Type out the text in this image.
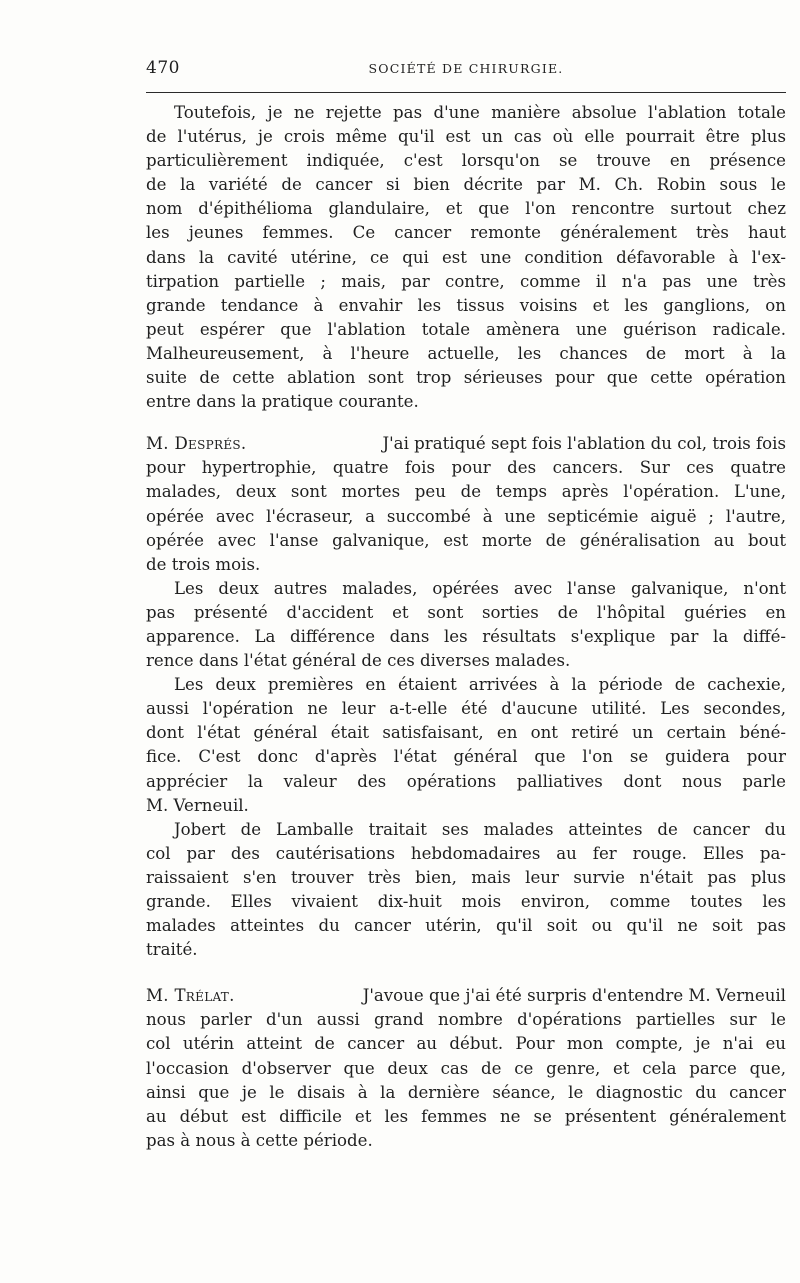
470	SOCIÉTÉ DE CHIRURGIE.
Toutefois, je ne rejette pas d'une manière absolue l'ablation totale
de l'utérus, je crois même qu'il est un cas où elle pourrait être plus
particulièrement indiquée, c'est lorsqu'on se trouve en présence
de la variété de cancer si bien décrite par M. Ch. Robin sous le
nom d'épithélioma glandulaire, et que l'on rencontre surtout chez
les jeunes femmes. Ce cancer remonte généralement très haut
dans la cavité utérine, ce qui est une condition défavorable à l'ex-
tirpation partielle ; mais, par contre, comme il n'a pas une très
grande tendance à envahir les tissus voisins et les ganglions, on
peut espérer que l'ablation totale amènera une guérison radicale.
Malheureusement, à l'heure actuelle, les chances de mort à la
suite de cette ablation sont trop sérieuses pour que cette opération
entre dans la pratique courante.
M. Després.	J'ai pratiqué sept fois l'ablation du col, trois fois
pour hypertrophie, quatre fois pour des cancers. Sur ces quatre
malades, deux sont mortes peu de temps après l'opération. L'une,
opérée avec l'écraseur, a succombé à une septicémie aiguë ; l'autre,
opérée avec l'anse galvanique, est morte de généralisation au bout
de trois mois.
Les deux autres malades, opérées avec l'anse galvanique, n'ont
pas présenté d'accident et sont sorties de l'hôpital guéries en
apparence. La différence dans les résultats s'explique par la diffé-
rence dans l'état général de ces diverses malades.
Les deux premières en étaient arrivées à la période de cachexie,
aussi l'opération ne leur a-t-elle été d'aucune utilité. Les secondes,
dont l'état général était satisfaisant, en ont retiré un certain béné-
fice. C'est donc d'après l'état général que l'on se guidera pour
apprécier la valeur des opérations palliatives dont nous parle
M. Verneuil.
Jobert de Lamballe traitait ses malades atteintes de cancer du
col par des cautérisations hebdomadaires au fer rouge. Elles pa-
raissaient s'en trouver très bien, mais leur survie n'était pas plus
grande. Elles vivaient dix-huit mois environ, comme toutes les
malades atteintes du cancer utérin, qu'il soit ou qu'il ne soit pas
traité.
M. Trélat.	J'avoue que j'ai été surpris d'entendre M. Verneuil
nous parler d'un aussi grand nombre d'opérations partielles sur le
col utérin atteint de cancer au début. Pour mon compte, je n'ai eu
l'occasion d'observer que deux cas de ce genre, et cela parce que,
ainsi que je le disais à la dernière séance, le diagnostic du cancer
au début est difficile et les femmes ne se présentent généralement
pas à nous à cette période.
